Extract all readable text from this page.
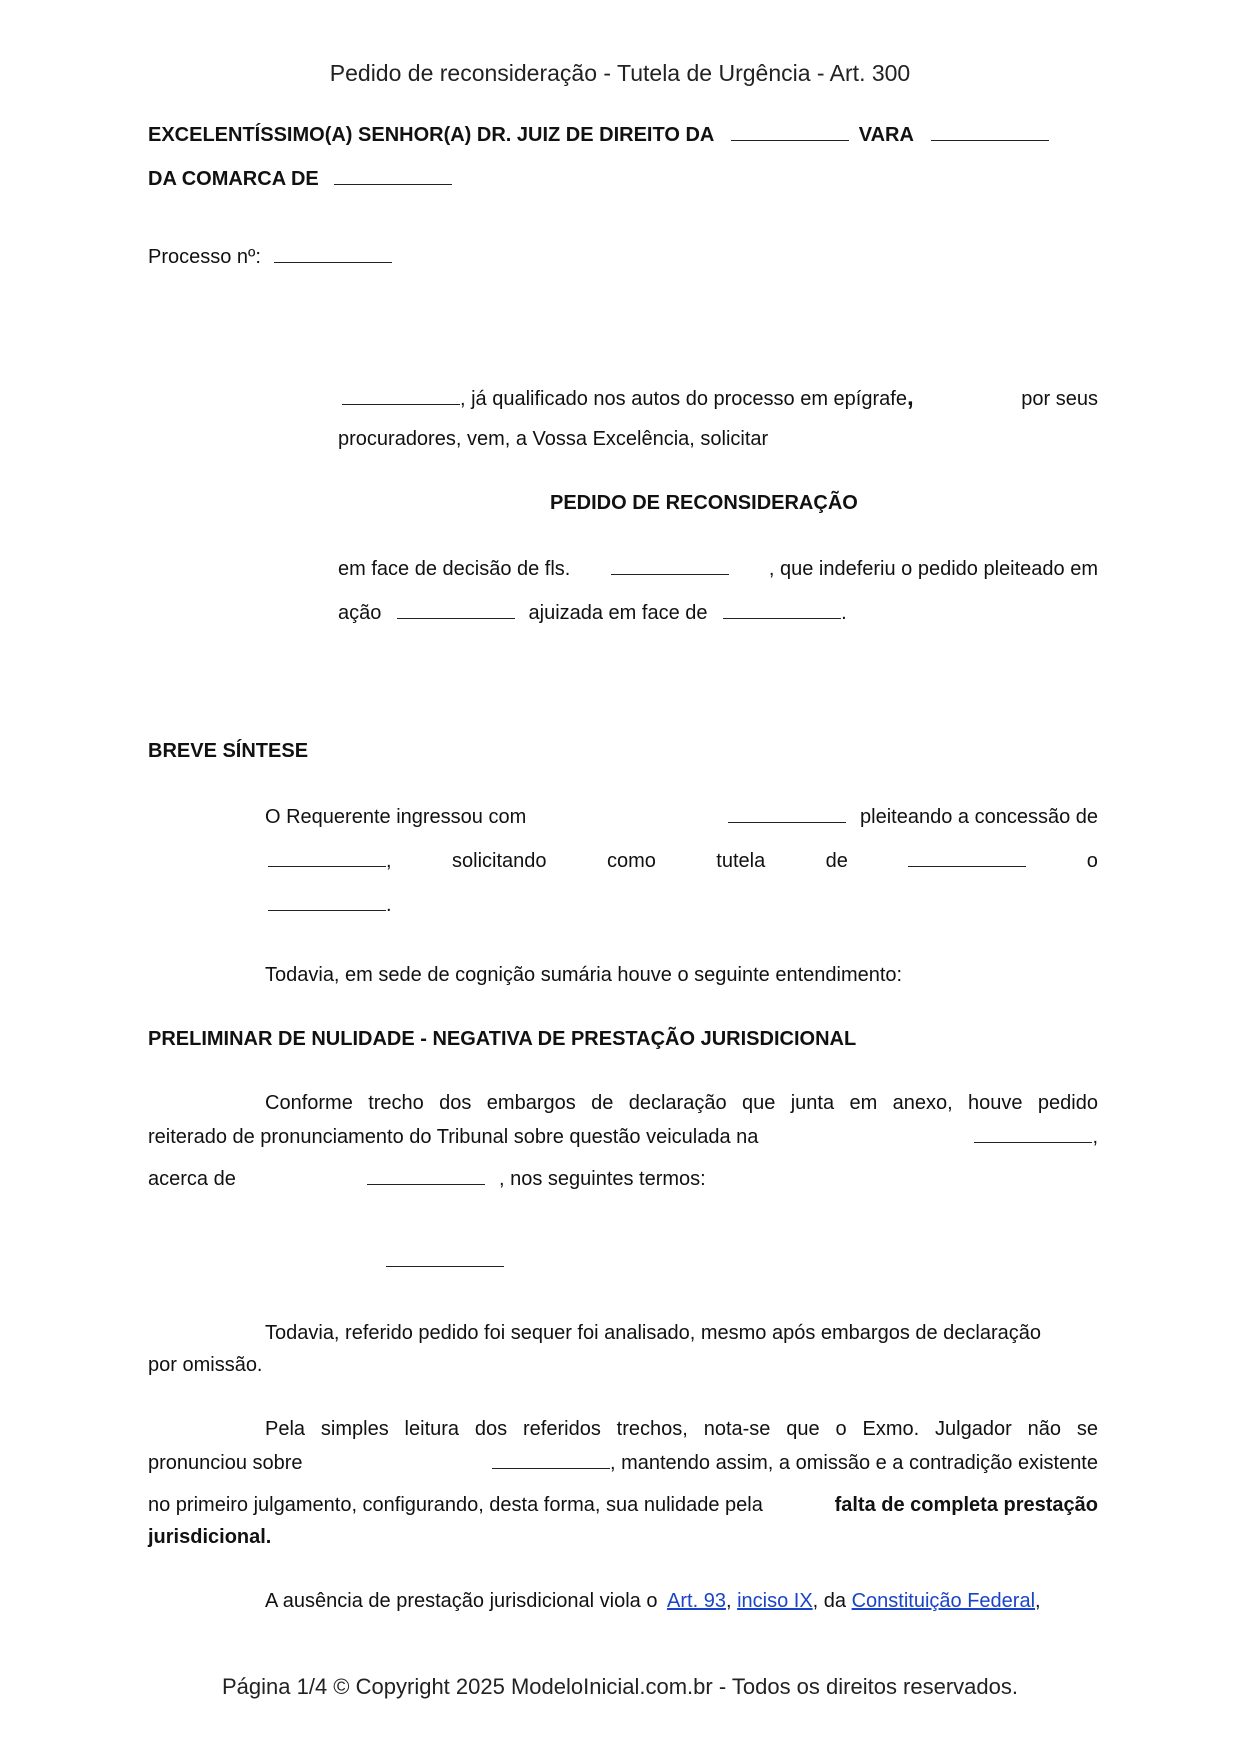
Pedido de reconsideração - Tutela de Urgência - Art. 300
EXCELENTÍSSIMO(A) SENHOR(A) DR. JUIZ DE DIREITO DA	VARA
DA COMARCA DE
Processo nº:
, já qualificado nos autos do processo em epígrafe,	por seus
procuradores, vem, a Vossa Excelência, solicitar
PEDIDO DE RECONSIDERAÇÃO
em face de decisão de fls.	, que indeferiu o pedido pleiteado em
ação	ajuizada em face de	.
BREVE SÍNTESE
O Requerente ingressou com	pleiteando a concessão de
,	solicitando	como	tutela	de	o
.
Todavia, em sede de cognição sumária houve o seguinte entendimento:
PRELIMINAR DE NULIDADE - NEGATIVA DE PRESTAÇÃO JURISDICIONAL
Conforme trecho dos embargos de declaração que junta em anexo, houve pedido
reiterado de pronunciamento do Tribunal sobre questão veiculada na	,
acerca de	, nos seguintes termos:
Todavia, referido pedido foi sequer foi analisado, mesmo após embargos de declaração
por omissão.
Pela simples leitura dos referidos trechos, nota-se que o Exmo. Julgador não se
pronunciou sobre	, mantendo assim, a omissão e a contradição existente
no primeiro julgamento, configurando, desta forma, sua nulidade pela	falta de completa prestação
jurisdicional.
A ausência de prestação jurisdicional viola o Art. 93, inciso IX, da Constituição Federal,
Página 1/4 © Copyright 2025 ModeloInicial.com.br - Todos os direitos reservados.
